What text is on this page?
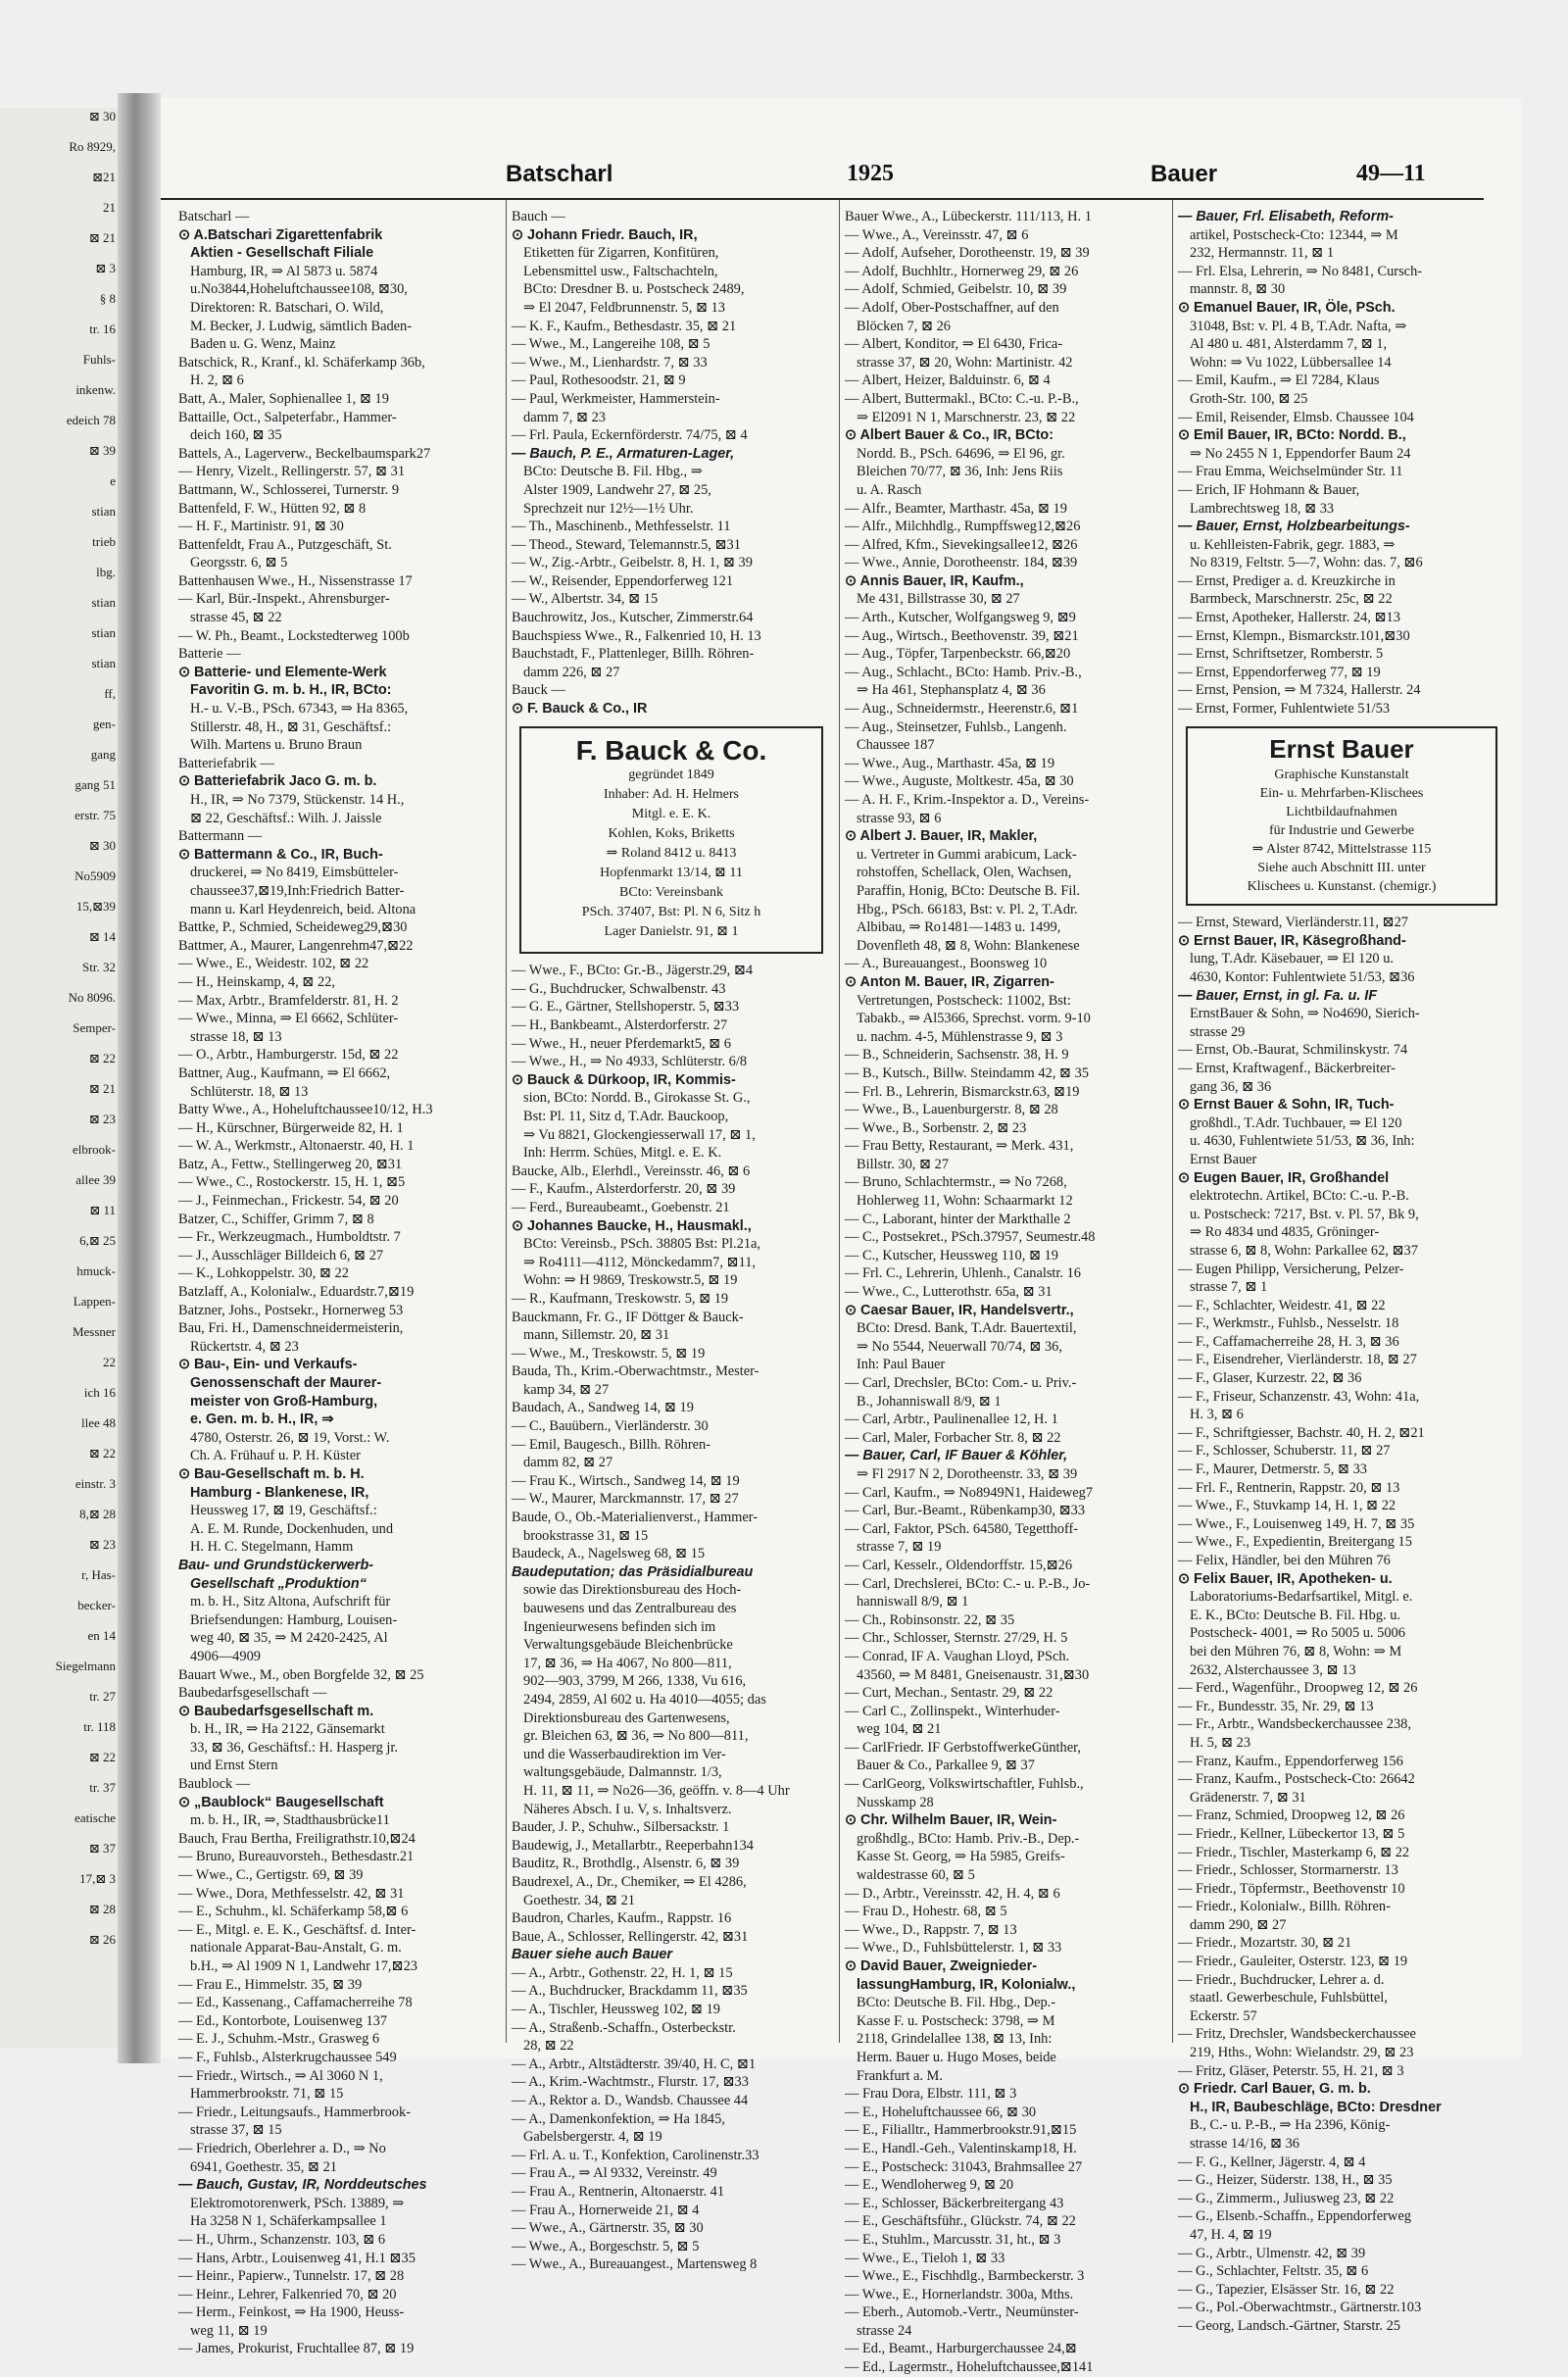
⊠ 30
Ro 8929,
⊠21
21
⊠ 21
⊠ 3
§ 8
tr. 16
Fuhls-
inkenw.
edeich 78
⊠ 39
e
stian
trieb
lbg.
stian
stian
stian
ff,
gen-
gang
gang 51
erstr. 75
⊠ 30
No5909
15,⊠39
⊠ 14
Str. 32
No 8096.
Semper-
⊠ 22
⊠ 21
⊠ 23
elbrook-
allee 39
⊠ 11
6,⊠ 25
hmuck-
Lappen-
Messner
22
ich 16
llee 48
⊠ 22
einstr. 3
8,⊠ 28
⊠ 23
r, Has-
becker-
en 14
Siegelmann
tr. 27
tr. 118
⊠ 22
tr. 37
eatische
⊠ 37
17,⊠ 3
⊠ 28
⊠ 26
Batscharl	1925	Bauer	49—11

Batscharl —

⊙ A.Batschari Zigarettenfabrik

Aktien - Gesellschaft Filiale

Hamburg, IR, ⇒ Al 5873 u. 5874

u.No3844,Hoheluftchaussee108, ⊠30,

Direktoren: R. Batschari, O. Wild,

M. Becker, J. Ludwig, sämtlich Baden-

Baden u. G. Wenz, Mainz

Batschick, R., Kranf., kl. Schäferkamp 36b,

H. 2, ⊠ 6

Batt, A., Maler, Sophienallee 1, ⊠ 19

Battaille, Oct., Salpeterfabr., Hammer-

deich 160, ⊠ 35

Battels, A., Lagerverw., Beckelbaumspark27

— Henry, Vizelt., Rellingerstr. 57, ⊠ 31

Battmann, W., Schlosserei, Turnerstr. 9

Battenfeld, F. W., Hütten 92, ⊠ 8

— H. F., Martinistr. 91, ⊠ 30

Battenfeldt, Frau A., Putzgeschäft, St.

Georgsstr. 6, ⊠ 5

Battenhausen Wwe., H., Nissenstrasse 17

— Karl, Bür.-Inspekt., Ahrensburger-

strasse 45, ⊠ 22

— W. Ph., Beamt., Lockstedterweg 100b

Batterie —

⊙ Batterie- und Elemente-Werk

Favoritin G. m. b. H., IR, BCto:

H.- u. V.-B., PSch. 67343, ⇒ Ha 8365,

Stillerstr. 48, H., ⊠ 31, Geschäftsf.:

Wilh. Martens u. Bruno Braun

Batteriefabrik —

⊙ Batteriefabrik Jaco G. m. b.

H., IR, ⇒ No 7379, Stückenstr. 14 H.,

⊠ 22, Geschäftsf.: Wilh. J. Jaissle

Battermann —

⊙ Battermann & Co., IR, Buch-

druckerei, ⇒ No 8419, Eimsbütteler-

chaussee37,⊠19,Inh:Friedrich Batter-

mann u. Karl Heydenreich, beid. Altona

Battke, P., Schmied, Scheideweg29,⊠30

Battmer, A., Maurer, Langenrehm47,⊠22

— Wwe., E., Weidestr. 102, ⊠ 22

— H., Heinskamp, 4, ⊠ 22,

— Max, Arbtr., Bramfelderstr. 81, H. 2

— Wwe., Minna, ⇒ El 6662, Schlüter-

strasse 18, ⊠ 13

— O., Arbtr., Hamburgerstr. 15d, ⊠ 22

Battner, Aug., Kaufmann, ⇒ El 6662,

Schlüterstr. 18, ⊠ 13

Batty Wwe., A., Hoheluftchaussee10/12, H.3

— H., Kürschner, Bürgerweide 82, H. 1

— W. A., Werkmstr., Altonaerstr. 40, H. 1

Batz, A., Fettw., Stellingerweg 20, ⊠31

— Wwe., C., Rostockerstr. 15, H. 1, ⊠5

— J., Feinmechan., Frickestr. 54, ⊠ 20

Batzer, C., Schiffer, Grimm 7, ⊠ 8

— Fr., Werkzeugmach., Humboldtstr. 7

— J., Ausschläger Billdeich 6, ⊠ 27

— K., Lohkoppelstr. 30, ⊠ 22

Batzlaff, A., Kolonialw., Eduardstr.7,⊠19

Batzner, Johs., Postsekr., Hornerweg 53

Bau, Fri. H., Damenschneidermeisterin,

Rückertstr. 4, ⊠ 23

⊙ Bau-, Ein- und Verkaufs-

Genossenschaft der Maurer-

meister von Groß-Hamburg,

e. Gen. m. b. H., IR, ⇒

4780, Osterstr. 26, ⊠ 19, Vorst.: W.

Ch. A. Frühauf u. P. H. Küster

⊙ Bau-Gesellschaft m. b. H.

Hamburg - Blankenese, IR,

Heussweg 17, ⊠ 19, Geschäftsf.:

A. E. M. Runde, Dockenhuden, und

H. H. C. Stegelmann, Hamm

Bau- und Grundstückerwerb-

Gesellschaft „Produktion“

m. b. H., Sitz Altona, Aufschrift für

Briefsendungen: Hamburg, Louisen-

weg 40, ⊠ 35, ⇒ M 2420-2425, Al

4906—4909

Bauart Wwe., M., oben Borgfelde 32, ⊠ 25

Baubedarfsgesellschaft —

⊙ Baubedarfsgesellschaft m.

b. H., IR, ⇒ Ha 2122, Gänsemarkt

33, ⊠ 36, Geschäftsf.: H. Hasperg jr.

und Ernst Stern

Baublock —

⊙ „Baublock“ Baugesellschaft

m. b. H., IR, ⇒, Stadthausbrücke11

Bauch, Frau Bertha, Freiligrathstr.10,⊠24

— Bruno, Bureauvorsteh., Bethesdastr.21

— Wwe., C., Gertigstr. 69, ⊠ 39

— Wwe., Dora, Methfesselstr. 42, ⊠ 31

— E., Schuhm., kl. Schäferkamp 58,⊠ 6

— E., Mitgl. e. E. K., Geschäftsf. d. Inter-

nationale Apparat-Bau-Anstalt, G. m.

b.H., ⇒ Al 1909 N 1, Landwehr 17,⊠23

— Frau E., Himmelstr. 35, ⊠ 39

— Ed., Kassenang., Caffamacherreihe 78

— Ed., Kontorbote, Louisenweg 137

— E. J., Schuhm.-Mstr., Grasweg 6

— F., Fuhlsb., Alsterkrugchaussee 549

— Friedr., Wirtsch., ⇒ Al 3060 N 1,

Hammerbrookstr. 71, ⊠ 15

— Friedr., Leitungsaufs., Hammerbrook-

strasse 37, ⊠ 15

— Friedrich, Oberlehrer a. D., ⇒ No

6941, Goethestr. 35, ⊠ 21

— Bauch, Gustav, IR, Norddeutsches

Elektromotorenwerk, PSch. 13889, ⇒

Ha 3258 N 1, Schäferkampsallee 1

— H., Uhrm., Schanzenstr. 103, ⊠ 6

— Hans, Arbtr., Louisenweg 41, H.1 ⊠35

— Heinr., Papierw., Tunnelstr. 17, ⊠ 28

— Heinr., Lehrer, Falkenried 70, ⊠ 20

— Herm., Feinkost, ⇒ Ha 1900, Heuss-

weg 11, ⊠ 19

— James, Prokurist, Fruchtallee 87, ⊠ 19

Bauch —

⊙ Johann Friedr. Bauch, IR,

Etiketten für Zigarren, Konfitüren,

Lebensmittel usw., Faltschachteln,

BCto: Dresdner B. u. Postscheck 2489,

⇒ El 2047, Feldbrunnenstr. 5, ⊠ 13

— K. F., Kaufm., Bethesdastr. 35, ⊠ 21

— Wwe., M., Langereihe 108, ⊠ 5

— Wwe., M., Lienhardstr. 7, ⊠ 33

— Paul, Rothesoodstr. 21, ⊠ 9

— Paul, Werkmeister, Hammerstein-

damm 7, ⊠ 23

— Frl. Paula, Eckernförderstr. 74/75, ⊠ 4

— Bauch, P. E., Armaturen-Lager,

BCto: Deutsche B. Fil. Hbg., ⇒

Alster 1909, Landwehr 27, ⊠ 25,

Sprechzeit nur 12½—1½ Uhr.

— Th., Maschinenb., Methfesselstr. 11

— Theod., Steward, Telemannstr.5, ⊠31

— W., Zig.-Arbtr., Geibelstr. 8, H. 1, ⊠ 39

— W., Reisender, Eppendorferweg 121

— W., Albertstr. 34, ⊠ 15

Bauchrowitz, Jos., Kutscher, Zimmerstr.64

Bauchspiess Wwe., R., Falkenried 10, H. 13

Bauchstadt, F., Plattenleger, Billh. Röhren-

damm 226, ⊠ 27

Bauck —

⊙ F. Bauck & Co., IR

F. Bauck & Co.

gegründet 1849

Inhaber: Ad. H. Helmers

Mitgl. e. E. K.

Kohlen, Koks, Briketts

⇒ Roland 8412 u. 8413

Hopfenmarkt 13/14, ⊠ 11

BCto: Vereinsbank

PSch. 37407, Bst: Pl. N 6, Sitz h

Lager Danielstr. 91, ⊠ 1

— Wwe., F., BCto: Gr.-B., Jägerstr.29, ⊠4

— G., Buchdrucker, Schwalbenstr. 43

— G. E., Gärtner, Stellshoperstr. 5, ⊠33

— H., Bankbeamt., Alsterdorferstr. 27

— Wwe., H., neuer Pferdemarkt5, ⊠ 6

— Wwe., H., ⇒ No 4933, Schlüterstr. 6/8

⊙ Bauck & Dürkoop, IR, Kommis-

sion, BCto: Nordd. B., Girokasse St. G.,

Bst: Pl. 11, Sitz d, T.Adr. Bauckoop,

⇒ Vu 8821, Glockengiesserwall 17, ⊠ 1,

Inh: Herrm. Schües, Mitgl. e. E. K.

Baucke, Alb., Elerhdl., Vereinsstr. 46, ⊠ 6

— F., Kaufm., Alsterdorferstr. 20, ⊠ 39

— Ferd., Bureaubeamt., Goebenstr. 21

⊙ Johannes Baucke, H., Hausmakl.,

BCto: Vereinsb., PSch. 38805 Bst: Pl.21a,

⇒ Ro4111—4112, Mönckedamm7, ⊠11,

Wohn: ⇒ H 9869, Treskowstr.5, ⊠ 19

— R., Kaufmann, Treskowstr. 5, ⊠ 19

Bauckmann, Fr. G., IF Döttger & Bauck-

mann, Sillemstr. 20, ⊠ 31

— Wwe., M., Treskowstr. 5, ⊠ 19

Bauda, Th., Krim.-Oberwachtmstr., Mester-

kamp 34, ⊠ 27

Baudach, A., Sandweg 14, ⊠ 19

— C., Bauübern., Vierländerstr. 30

— Emil, Baugesch., Billh. Röhren-

damm 82, ⊠ 27

— Frau K., Wirtsch., Sandweg 14, ⊠ 19

— W., Maurer, Marckmannstr. 17, ⊠ 27

Baude, O., Ob.-Materialienverst., Hammer-

brookstrasse 31, ⊠ 15

Baudeck, A., Nagelsweg 68, ⊠ 15

Baudeputation; das Präsidialbureau

sowie das Direktionsbureau des Hoch-

bauwesens und das Zentralbureau des

Ingenieurwesens befinden sich im

Verwaltungsgebäude Bleichenbrücke

17, ⊠ 36, ⇒ Ha 4067, No 800—811,

902—903, 3799, M 266, 1338, Vu 616,

2494, 2859, Al 602 u. Ha 4010—4055; das

Direktionsbureau des Gartenwesens,

gr. Bleichen 63, ⊠ 36, ⇒ No 800—811,

und die Wasserbaudirektion im Ver-

waltungsgebäude, Dalmannstr. 1/3,

H. 11, ⊠ 11, ⇒ No26—36, geöffn. v. 8—4 Uhr

Näheres Absch. I u. V, s. Inhaltsverz.

Bauder, J. P., Schuhw., Silbersackstr. 1

Baudewig, J., Metallarbtr., Reeperbahn134

Bauditz, R., Brothdlg., Alsenstr. 6, ⊠ 39

Baudrexel, A., Dr., Chemiker, ⇒ El 4286,

Goethestr. 34, ⊠ 21

Baudron, Charles, Kaufm., Rappstr. 16

Baue, A., Schlosser, Rellingerstr. 42, ⊠31

Bauer siehe auch Bauer

— A., Arbtr., Gothenstr. 22, H. 1, ⊠ 15

— A., Buchdrucker, Brackdamm 11, ⊠35

— A., Tischler, Heussweg 102, ⊠ 19

— A., Straßenb.-Schaffn., Osterbeckstr.

28, ⊠ 22

— A., Arbtr., Altstädterstr. 39/40, H. C, ⊠1

— A., Krim.-Wachtmstr., Flurstr. 17, ⊠33

— A., Rektor a. D., Wandsb. Chaussee 44

— A., Damenkonfektion, ⇒ Ha 1845,

Gabelsbergerstr. 4, ⊠ 19

— Frl. A. u. T., Konfektion, Carolinenstr.33

— Frau A., ⇒ Al 9332, Vereinstr. 49

— Frau A., Rentnerin, Altonaerstr. 41

— Frau A., Hornerweide 21, ⊠ 4

— Wwe., A., Gärtnerstr. 35, ⊠ 30

— Wwe., A., Borgeschstr. 5, ⊠ 5

— Wwe., A., Bureauangest., Martensweg 8

Bauer Wwe., A., Lübeckerstr. 111/113, H. 1

— Wwe., A., Vereinsstr. 47, ⊠ 6

— Adolf, Aufseher, Dorotheenstr. 19, ⊠ 39

— Adolf, Buchhltr., Hornerweg 29, ⊠ 26

— Adolf, Schmied, Geibelstr. 10, ⊠ 39

— Adolf, Ober-Postschaffner, auf den

Blöcken 7, ⊠ 26

— Albert, Konditor, ⇒ El 6430, Frica-

strasse 37, ⊠ 20, Wohn: Martinistr. 42

— Albert, Heizer, Balduinstr. 6, ⊠ 4

— Albert, Buttermakl., BCto: C.-u. P.-B.,

⇒ El2091 N 1, Marschnerstr. 23, ⊠ 22

⊙ Albert Bauer & Co., IR, BCto:

Nordd. B., PSch. 64696, ⇒ El 96, gr.

Bleichen 70/77, ⊠ 36, Inh: Jens Riis

u. A. Rasch

— Alfr., Beamter, Marthastr. 45a, ⊠ 19

— Alfr., Milchhdlg., Rumpffsweg12,⊠26

— Alfred, Kfm., Sievekingsallee12, ⊠26

— Wwe., Annie, Dorotheenstr. 184, ⊠39

⊙ Annis Bauer, IR, Kaufm.,

Me 431, Billstrasse 30, ⊠ 27

— Arth., Kutscher, Wolfgangsweg 9, ⊠9

— Aug., Wirtsch., Beethovenstr. 39, ⊠21

— Aug., Töpfer, Tarpenbeckstr. 66,⊠20

— Aug., Schlacht., BCto: Hamb. Priv.-B.,

⇒ Ha 461, Stephansplatz 4, ⊠ 36

— Aug., Schneidermstr., Heerenstr.6, ⊠1

— Aug., Steinsetzer, Fuhlsb., Langenh.

Chaussee 187

— Wwe., Aug., Marthastr. 45a, ⊠ 19

— Wwe., Auguste, Moltkestr. 45a, ⊠ 30

— A. H. F., Krim.-Inspektor a. D., Vereins-

strasse 93, ⊠ 6

⊙ Albert J. Bauer, IR, Makler,

u. Vertreter in Gummi arabicum, Lack-

rohstoffen, Schellack, Olen, Wachsen,

Paraffin, Honig, BCto: Deutsche B. Fil.

Hbg., PSch. 66183, Bst: v. Pl. 2, T.Adr.

Albibau, ⇒ Ro1481—1483 u. 1499,

Dovenfleth 48, ⊠ 8, Wohn: Blankenese

— A., Bureauangest., Boonsweg 10

⊙ Anton M. Bauer, IR, Zigarren-

Vertretungen, Postscheck: 11002, Bst:

Tabakb., ⇒ Al5366, Sprechst. vorm. 9-10

u. nachm. 4-5, Mühlenstrasse 9, ⊠ 3

— B., Schneiderin, Sachsenstr. 38, H. 9

— B., Kutsch., Billw. Steindamm 42, ⊠ 35

— Frl. B., Lehrerin, Bismarckstr.63, ⊠19

— Wwe., B., Lauenburgerstr. 8, ⊠ 28

— Wwe., B., Sorbenstr. 2, ⊠ 23

— Frau Betty, Restaurant, ⇒ Merk. 431,

Billstr. 30, ⊠ 27

— Bruno, Schlachtermstr., ⇒ No 7268,

Hohlerweg 11, Wohn: Schaarmarkt 12

— C., Laborant, hinter der Markthalle 2

— C., Postsekret., PSch.37957, Seumestr.48

— C., Kutscher, Heussweg 110, ⊠ 19

— Frl. C., Lehrerin, Uhlenh., Canalstr. 16

— Wwe., C., Lutterothstr. 65a, ⊠ 31

⊙ Caesar Bauer, IR, Handelsvertr.,

BCto: Dresd. Bank, T.Adr. Bauertextil,

⇒ No 5544, Neuerwall 70/74, ⊠ 36,

Inh: Paul Bauer

— Carl, Drechsler, BCto: Com.- u. Priv.-

B., Johanniswall 8/9, ⊠ 1

— Carl, Arbtr., Paulinenallee 12, H. 1

— Carl, Maler, Forbacher Str. 8, ⊠ 22

— Bauer, Carl, IF Bauer & Köhler,

⇒ Fl 2917 N 2, Dorotheenstr. 33, ⊠ 39

— Carl, Kaufm., ⇒ No8949N1, Haideweg7

— Carl, Bur.-Beamt., Rübenkamp30, ⊠33

— Carl, Faktor, PSch. 64580, Tegetthoff-

strasse 7, ⊠ 19

— Carl, Kesselr., Oldendorffstr. 15,⊠26

— Carl, Drechslerei, BCto: C.- u. P.-B., Jo-

hanniswall 8/9, ⊠ 1

— Ch., Robinsonstr. 22, ⊠ 35

— Chr., Schlosser, Sternstr. 27/29, H. 5

— Conrad, IF A. Vaughan Lloyd, PSch.

43560, ⇒ M 8481, Gneisenaustr. 31,⊠30

— Curt, Mechan., Sentastr. 29, ⊠ 22

— Carl C., Zollinspekt., Winterhuder-

weg 104, ⊠ 21

— CarlFriedr. IF GerbstoffwerkeGünther,

Bauer & Co., Parkallee 9, ⊠ 37

— CarlGeorg, Volkswirtschaftler, Fuhlsb.,

Nusskamp 28

⊙ Chr. Wilhelm Bauer, IR, Wein-

großhdlg., BCto: Hamb. Priv.-B., Dep.-

Kasse St. Georg, ⇒ Ha 5985, Greifs-

waldestrasse 60, ⊠ 5

— D., Arbtr., Vereinsstr. 42, H. 4, ⊠ 6

— Frau D., Hohestr. 68, ⊠ 5

— Wwe., D., Rappstr. 7, ⊠ 13

— Wwe., D., Fuhlsbüttelerstr. 1, ⊠ 33

⊙ David Bauer, Zweignieder-

lassungHamburg, IR, Kolonialw.,

BCto: Deutsche B. Fil. Hbg., Dep.-

Kasse F. u. Postscheck: 3798, ⇒ M

2118, Grindelallee 138, ⊠ 13, Inh:

Herm. Bauer u. Hugo Moses, beide

Frankfurt a. M.

— Frau Dora, Elbstr. 111, ⊠ 3

— E., Hoheluftchaussee 66, ⊠ 30

— E., Filialltr., Hammerbrookstr.91,⊠15

— E., Handl.-Geh., Valentinskamp18, H.

— E., Postscheck: 31043, Brahmsallee 27

— E., Wendloherweg 9, ⊠ 20

— E., Schlosser, Bäckerbreitergang 43

— E., Geschäftsführ., Glückstr. 74, ⊠ 22

— E., Stuhlm., Marcusstr. 31, ht., ⊠ 3

— Wwe., E., Tieloh 1, ⊠ 33

— Wwe., E., Fischhdlg., Barmbeckerstr. 3

— Wwe., E., Hornerlandstr. 300a, Mths.

— Eberh., Automob.-Vertr., Neumünster-

strasse 24

— Ed., Beamt., Harburgerchaussee 24,⊠

— Ed., Lagermstr., Hoheluftchaussee,⊠141

— Bauer, Frl. Elisabeth, Reform-

artikel, Postscheck-Cto: 12344, ⇒ M

232, Hermannstr. 11, ⊠ 1

— Frl. Elsa, Lehrerin, ⇒ No 8481, Cursch-

mannstr. 8, ⊠ 30

⊙ Emanuel Bauer, IR, Öle, PSch.

31048, Bst: v. Pl. 4 B, T.Adr. Nafta, ⇒

Al 480 u. 481, Alsterdamm 7, ⊠ 1,

Wohn: ⇒ Vu 1022, Lübbersallee 14

— Emil, Kaufm., ⇒ El 7284, Klaus

Groth-Str. 100, ⊠ 25

— Emil, Reisender, Elmsb. Chaussee 104

⊙ Emil Bauer, IR, BCto: Nordd. B.,

⇒ No 2455 N 1, Eppendorfer Baum 24

— Frau Emma, Weichselmünder Str. 11

— Erich, IF Hohmann & Bauer,

Lambrechtsweg 18, ⊠ 33

— Bauer, Ernst, Holzbearbeitungs-

u. Kehlleisten-Fabrik, gegr. 1883, ⇒

No 8319, Feltstr. 5—7, Wohn: das. 7, ⊠6

— Ernst, Prediger a. d. Kreuzkirche in

Barmbeck, Marschnerstr. 25c, ⊠ 22

— Ernst, Apotheker, Hallerstr. 24, ⊠13

— Ernst, Klempn., Bismarckstr.101,⊠30

— Ernst, Schriftsetzer, Romberstr. 5

— Ernst, Eppendorferweg 77, ⊠ 19

— Ernst, Pension, ⇒ M 7324, Hallerstr. 24

— Ernst, Former, Fuhlentwiete 51/53

Ernst Bauer

Graphische Kunstanstalt

Ein- u. Mehrfarben-Klischees

Lichtbildaufnahmen

für Industrie und Gewerbe

⇒ Alster 8742, Mittelstrasse 115

Siehe auch Abschnitt III. unter

Klischees u. Kunstanst. (chemigr.)

— Ernst, Steward, Vierländerstr.11, ⊠27

⊙ Ernst Bauer, IR, Käsegroßhand-

lung, T.Adr. Käsebauer, ⇒ El 120 u.

4630, Kontor: Fuhlentwiete 51/53, ⊠36

— Bauer, Ernst, in gl. Fa. u. IF

ErnstBauer & Sohn, ⇒ No4690, Sierich-

strasse 29

— Ernst, Ob.-Baurat, Schmilinskystr. 74

— Ernst, Kraftwagenf., Bäckerbreiter-

gang 36, ⊠ 36

⊙ Ernst Bauer & Sohn, IR, Tuch-

großhdl., T.Adr. Tuchbauer, ⇒ El 120

u. 4630, Fuhlentwiete 51/53, ⊠ 36, Inh:

Ernst Bauer

⊙ Eugen Bauer, IR, Großhandel

elektrotechn. Artikel, BCto: C.-u. P.-B.

u. Postscheck: 7217, Bst. v. Pl. 57, Bk 9,

⇒ Ro 4834 und 4835, Gröninger-

strasse 6, ⊠ 8, Wohn: Parkallee 62, ⊠37

— Eugen Philipp, Versicherung, Pelzer-

strasse 7, ⊠ 1

— F., Schlachter, Weidestr. 41, ⊠ 22

— F., Werkmstr., Fuhlsb., Nesselstr. 18

— F., Caffamacherreihe 28, H. 3, ⊠ 36

— F., Eisendreher, Vierländerstr. 18, ⊠ 27

— F., Glaser, Kurzestr. 22, ⊠ 36

— F., Friseur, Schanzenstr. 43, Wohn: 41a,

H. 3, ⊠ 6

— F., Schriftgiesser, Bachstr. 40, H. 2, ⊠21

— F., Schlosser, Schuberstr. 11, ⊠ 27

— F., Maurer, Detmerstr. 5, ⊠ 33

— Frl. F., Rentnerin, Rappstr. 20, ⊠ 13

— Wwe., F., Stuvkamp 14, H. 1, ⊠ 22

— Wwe., F., Louisenweg 149, H. 7, ⊠ 35

— Wwe., F., Expedientin, Breitergang 15

— Felix, Händler, bei den Mühren 76

⊙ Felix Bauer, IR, Apotheken- u.

Laboratoriums-Bedarfsartikel, Mitgl. e.

E. K., BCto: Deutsche B. Fil. Hbg. u.

Postscheck- 4001, ⇒ Ro 5005 u. 5006

bei den Mühren 76, ⊠ 8, Wohn: ⇒ M

2632, Alsterchaussee 3, ⊠ 13

— Ferd., Wagenführ., Droopweg 12, ⊠ 26

— Fr., Bundesstr. 35, Nr. 29, ⊠ 13

— Fr., Arbtr., Wandsbeckerchaussee 238,

H. 5, ⊠ 23

— Franz, Kaufm., Eppendorferweg 156

— Franz, Kaufm., Postscheck-Cto: 26642

Grädenerstr. 7, ⊠ 31

— Franz, Schmied, Droopweg 12, ⊠ 26

— Friedr., Kellner, Lübeckertor 13, ⊠ 5

— Friedr., Tischler, Masterkamp 6, ⊠ 22

— Friedr., Schlosser, Stormarnerstr. 13

— Friedr., Töpfermstr., Beethovenstr 10

— Friedr., Kolonialw., Billh. Röhren-

damm 290, ⊠ 27

— Friedr., Mozartstr. 30, ⊠ 21

— Friedr., Gauleiter, Osterstr. 123, ⊠ 19

— Friedr., Buchdrucker, Lehrer a. d.

staatl. Gewerbeschule, Fuhlsbüttel,

Eckerstr. 57

— Fritz, Drechsler, Wandsbeckerchaussee

219, Hths., Wohn: Wielandstr. 29, ⊠ 23

— Fritz, Gläser, Peterstr. 55, H. 21, ⊠ 3

⊙ Friedr. Carl Bauer, G. m. b.

H., IR, Baubeschläge, BCto: Dresdner

B., C.- u. P.-B., ⇒ Ha 2396, König-

strasse 14/16, ⊠ 36

— F. G., Kellner, Jägerstr. 4, ⊠ 4

— G., Heizer, Süderstr. 138, H., ⊠ 35

— G., Zimmerm., Juliusweg 23, ⊠ 22

— G., Elsenb.-Schaffn., Eppendorferweg

47, H. 4, ⊠ 19

— G., Arbtr., Ulmenstr. 42, ⊠ 39

— G., Schlachter, Feltstr. 35, ⊠ 6

— G., Tapezier, Elsässer Str. 16, ⊠ 22

— G., Pol.-Oberwachtmstr., Gärtnerstr.103

— Georg, Landsch.-Gärtner, Starstr. 25
